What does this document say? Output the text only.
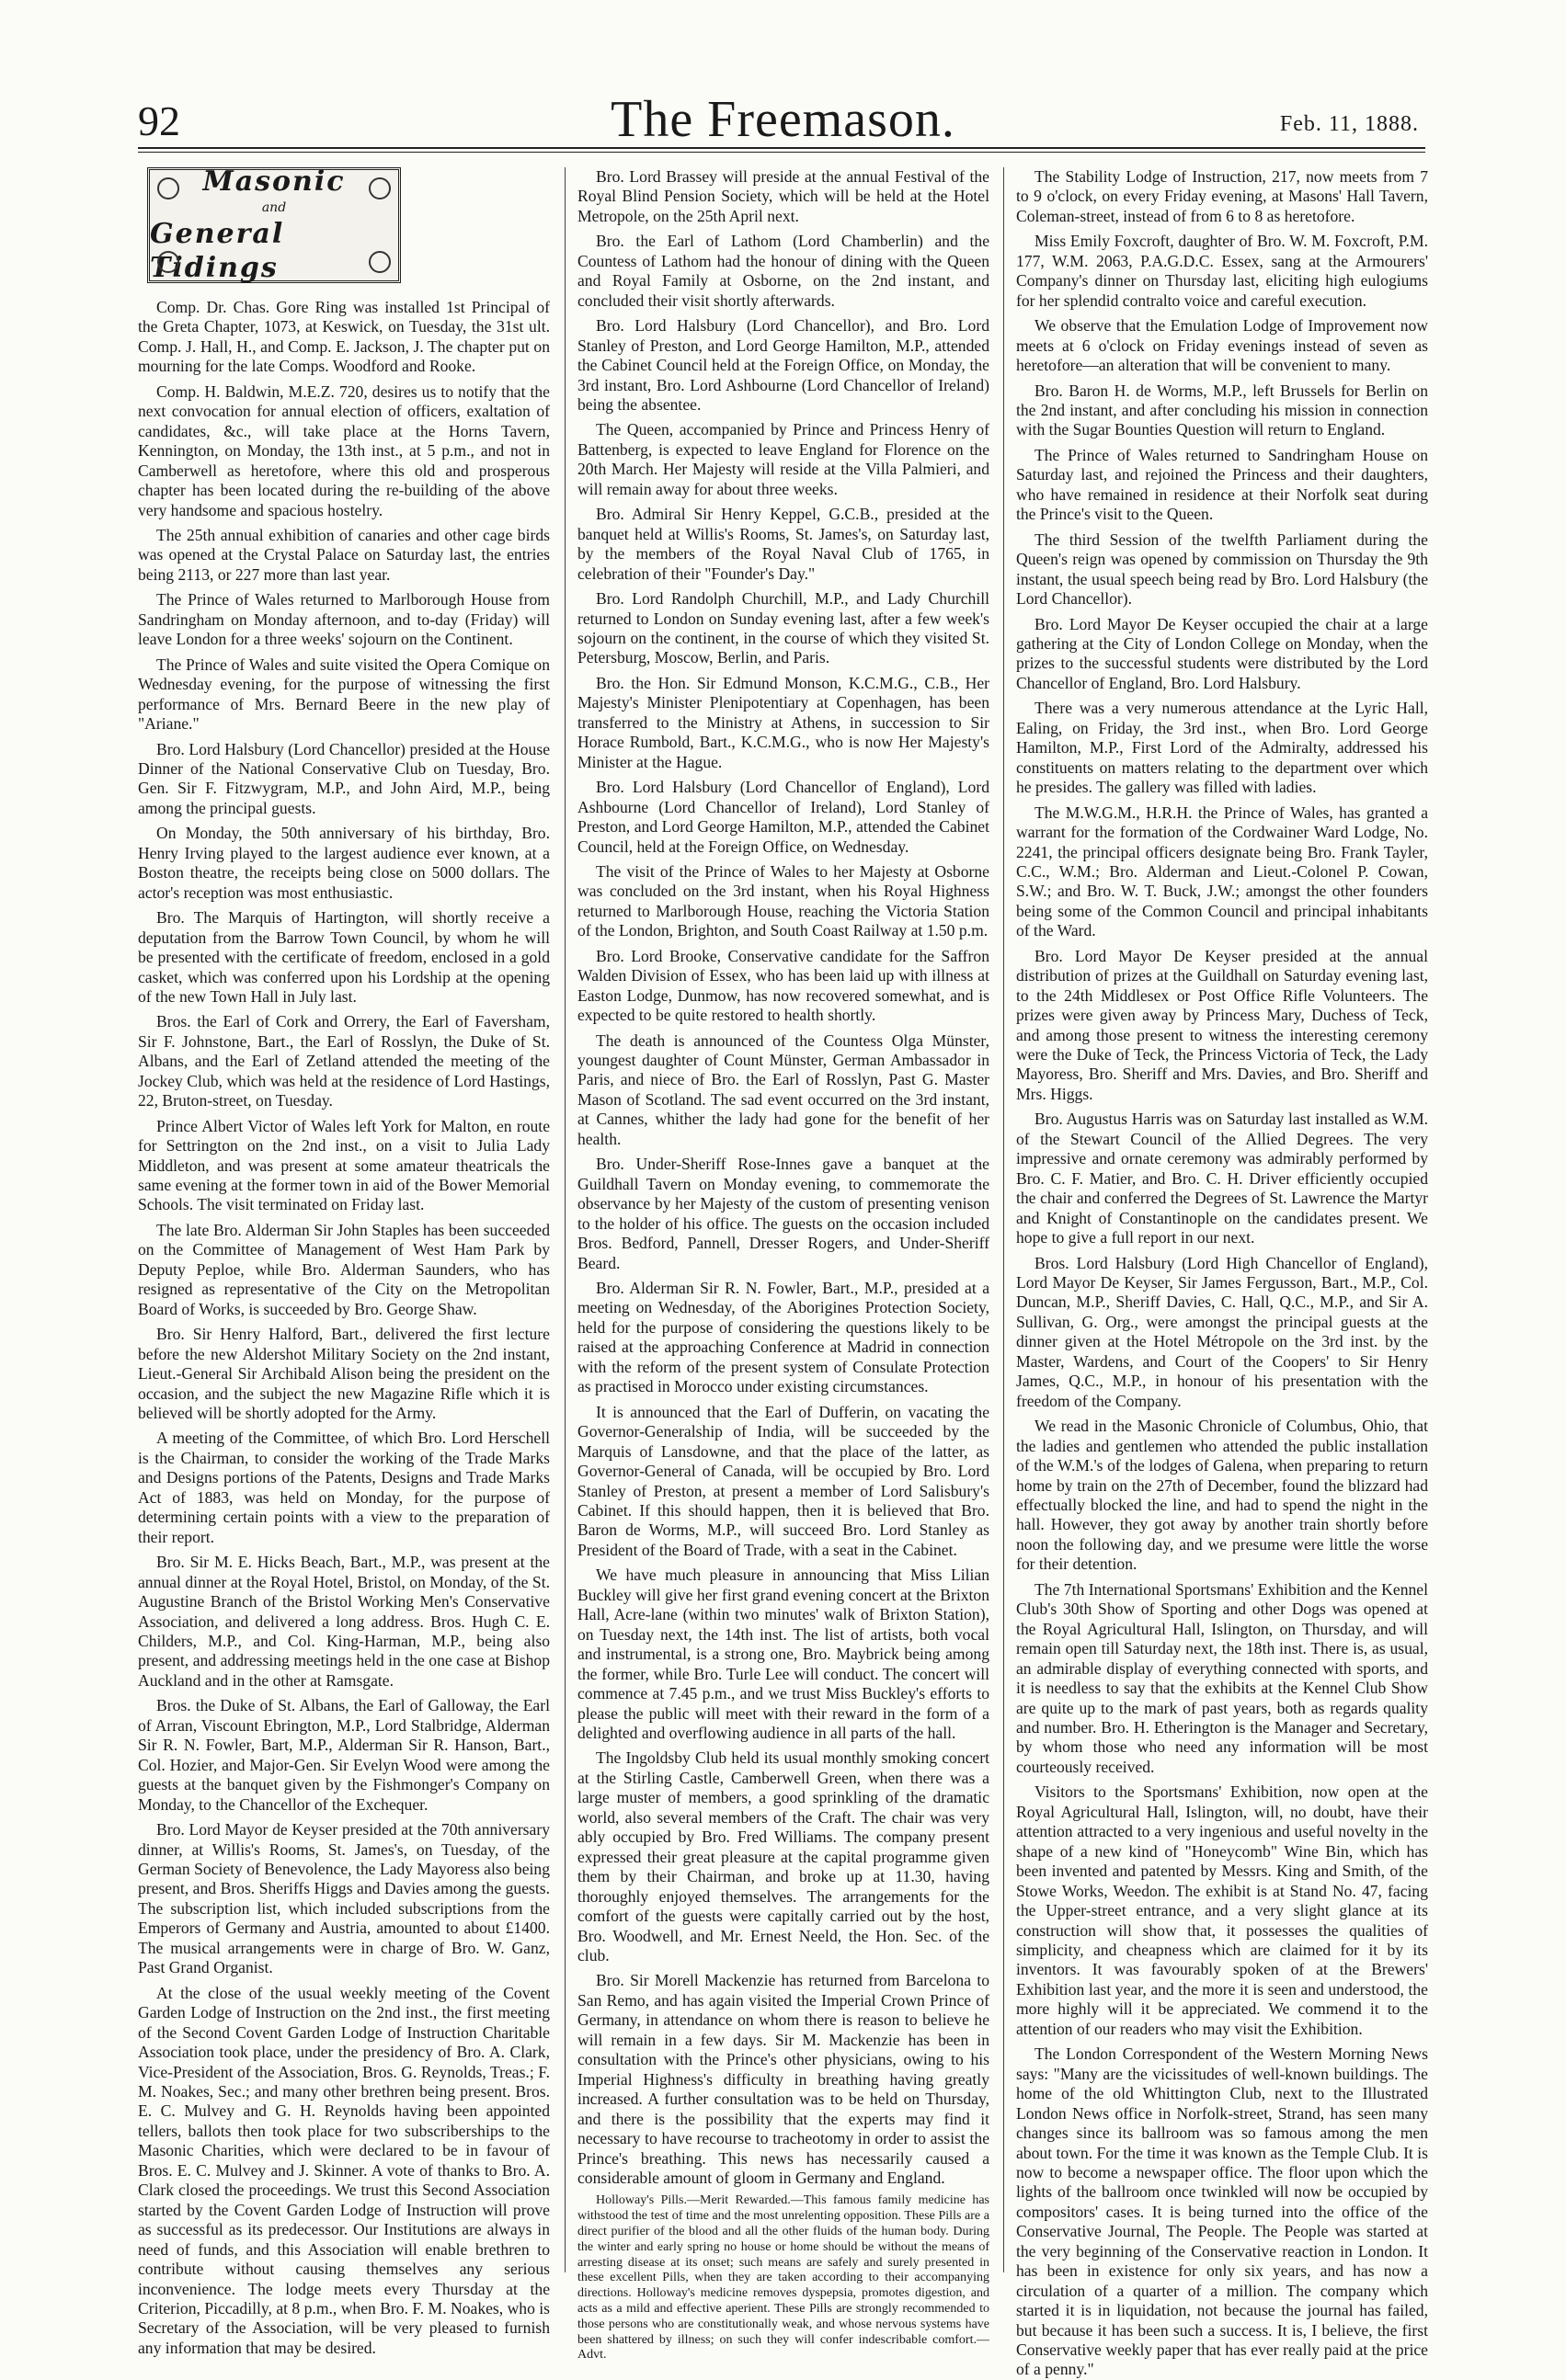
92	The Freemason.	Feb. 11, 1888.
Masonic
and
General Tidings

Comp. Dr. Chas. Gore Ring was installed 1st Principal of the Greta Chapter, 1073, at Keswick, on Tuesday, the 31st ult. Comp. J. Hall, H., and Comp. E. Jackson, J. The chapter put on mourning for the late Comps. Woodford and Rooke.

Comp. H. Baldwin, M.E.Z. 720, desires us to notify that the next convocation for annual election of officers, exaltation of candidates, &c., will take place at the Horns Tavern, Kennington, on Monday, the 13th inst., at 5 p.m., and not in Camberwell as heretofore, where this old and prosperous chapter has been located during the re-building of the above very handsome and spacious hostelry.

The 25th annual exhibition of canaries and other cage birds was opened at the Crystal Palace on Saturday last, the entries being 2113, or 227 more than last year.

The Prince of Wales returned to Marlborough House from Sandringham on Monday afternoon, and to-day (Friday) will leave London for a three weeks' sojourn on the Continent.

The Prince of Wales and suite visited the Opera Comique on Wednesday evening, for the purpose of witnessing the first performance of Mrs. Bernard Beere in the new play of "Ariane."

Bro. Lord Halsbury (Lord Chancellor) presided at the House Dinner of the National Conservative Club on Tuesday, Bro. Gen. Sir F. Fitzwygram, M.P., and John Aird, M.P., being among the principal guests.

On Monday, the 50th anniversary of his birthday, Bro. Henry Irving played to the largest audience ever known, at a Boston theatre, the receipts being close on 5000 dollars. The actor's reception was most enthusiastic.

Bro. The Marquis of Hartington, will shortly receive a deputation from the Barrow Town Council, by whom he will be presented with the certificate of freedom, enclosed in a gold casket, which was conferred upon his Lordship at the opening of the new Town Hall in July last.

Bros. the Earl of Cork and Orrery, the Earl of Faversham, Sir F. Johnstone, Bart., the Earl of Rosslyn, the Duke of St. Albans, and the Earl of Zetland attended the meeting of the Jockey Club, which was held at the residence of Lord Hastings, 22, Bruton-street, on Tuesday.

Prince Albert Victor of Wales left York for Malton, en route for Settrington on the 2nd inst., on a visit to Julia Lady Middleton, and was present at some amateur theatricals the same evening at the former town in aid of the Bower Memorial Schools. The visit terminated on Friday last.

The late Bro. Alderman Sir John Staples has been succeeded on the Committee of Management of West Ham Park by Deputy Peploe, while Bro. Alderman Saunders, who has resigned as representative of the City on the Metropolitan Board of Works, is succeeded by Bro. George Shaw.

Bro. Sir Henry Halford, Bart., delivered the first lecture before the new Aldershot Military Society on the 2nd instant, Lieut.-General Sir Archibald Alison being the president on the occasion, and the subject the new Magazine Rifle which it is believed will be shortly adopted for the Army.

A meeting of the Committee, of which Bro. Lord Herschell is the Chairman, to consider the working of the Trade Marks and Designs portions of the Patents, Designs and Trade Marks Act of 1883, was held on Monday, for the purpose of determining certain points with a view to the preparation of their report.

Bro. Sir M. E. Hicks Beach, Bart., M.P., was present at the annual dinner at the Royal Hotel, Bristol, on Monday, of the St. Augustine Branch of the Bristol Working Men's Conservative Association, and delivered a long address. Bros. Hugh C. E. Childers, M.P., and Col. King-Harman, M.P., being also present, and addressing meetings held in the one case at Bishop Auckland and in the other at Ramsgate.

Bros. the Duke of St. Albans, the Earl of Galloway, the Earl of Arran, Viscount Ebrington, M.P., Lord Stalbridge, Alderman Sir R. N. Fowler, Bart, M.P., Alderman Sir R. Hanson, Bart., Col. Hozier, and Major-Gen. Sir Evelyn Wood were among the guests at the banquet given by the Fishmonger's Company on Monday, to the Chancellor of the Exchequer.

Bro. Lord Mayor de Keyser presided at the 70th anniversary dinner, at Willis's Rooms, St. James's, on Tuesday, of the German Society of Benevolence, the Lady Mayoress also being present, and Bros. Sheriffs Higgs and Davies among the guests. The subscription list, which included subscriptions from the Emperors of Germany and Austria, amounted to about £1400. The musical arrangements were in charge of Bro. W. Ganz, Past Grand Organist.

At the close of the usual weekly meeting of the Covent Garden Lodge of Instruction on the 2nd inst., the first meeting of the Second Covent Garden Lodge of Instruction Charitable Association took place, under the presidency of Bro. A. Clark, Vice-President of the Association, Bros. G. Reynolds, Treas.; F. M. Noakes, Sec.; and many other brethren being present. Bros. E. C. Mulvey and G. H. Reynolds having been appointed tellers, ballots then took place for two subscriberships to the Masonic Charities, which were declared to be in favour of Bros. E. C. Mulvey and J. Skinner. A vote of thanks to Bro. A. Clark closed the proceedings. We trust this Second Association started by the Covent Garden Lodge of Instruction will prove as successful as its predecessor. Our Institutions are always in need of funds, and this Association will enable brethren to contribute without causing themselves any serious inconvenience. The lodge meets every Thursday at the Criterion, Piccadilly, at 8 p.m., when Bro. F. M. Noakes, who is Secretary of the Association, will be very pleased to furnish any information that may be desired.

Bro. Lord Brassey will preside at the annual Festival of the Royal Blind Pension Society, which will be held at the Hotel Metropole, on the 25th April next.

Bro. the Earl of Lathom (Lord Chamberlin) and the Countess of Lathom had the honour of dining with the Queen and Royal Family at Osborne, on the 2nd instant, and concluded their visit shortly afterwards.

Bro. Lord Halsbury (Lord Chancellor), and Bro. Lord Stanley of Preston, and Lord George Hamilton, M.P., attended the Cabinet Council held at the Foreign Office, on Monday, the 3rd instant, Bro. Lord Ashbourne (Lord Chancellor of Ireland) being the absentee.

The Queen, accompanied by Prince and Princess Henry of Battenberg, is expected to leave England for Florence on the 20th March. Her Majesty will reside at the Villa Palmieri, and will remain away for about three weeks.

Bro. Admiral Sir Henry Keppel, G.C.B., presided at the banquet held at Willis's Rooms, St. James's, on Saturday last, by the members of the Royal Naval Club of 1765, in celebration of their "Founder's Day."

Bro. Lord Randolph Churchill, M.P., and Lady Churchill returned to London on Sunday evening last, after a few week's sojourn on the continent, in the course of which they visited St. Petersburg, Moscow, Berlin, and Paris.

Bro. the Hon. Sir Edmund Monson, K.C.M.G., C.B., Her Majesty's Minister Plenipotentiary at Copenhagen, has been transferred to the Ministry at Athens, in succession to Sir Horace Rumbold, Bart., K.C.M.G., who is now Her Majesty's Minister at the Hague.

Bro. Lord Halsbury (Lord Chancellor of England), Lord Ashbourne (Lord Chancellor of Ireland), Lord Stanley of Preston, and Lord George Hamilton, M.P., attended the Cabinet Council, held at the Foreign Office, on Wednesday.

The visit of the Prince of Wales to her Majesty at Osborne was concluded on the 3rd instant, when his Royal Highness returned to Marlborough House, reaching the Victoria Station of the London, Brighton, and South Coast Railway at 1.50 p.m.

Bro. Lord Brooke, Conservative candidate for the Saffron Walden Division of Essex, who has been laid up with illness at Easton Lodge, Dunmow, has now recovered somewhat, and is expected to be quite restored to health shortly.

The death is announced of the Countess Olga Münster, youngest daughter of Count Münster, German Ambassador in Paris, and niece of Bro. the Earl of Rosslyn, Past G. Master Mason of Scotland. The sad event occurred on the 3rd instant, at Cannes, whither the lady had gone for the benefit of her health.

Bro. Under-Sheriff Rose-Innes gave a banquet at the Guildhall Tavern on Monday evening, to commemorate the observance by her Majesty of the custom of presenting venison to the holder of his office. The guests on the occasion included Bros. Bedford, Pannell, Dresser Rogers, and Under-Sheriff Beard.

Bro. Alderman Sir R. N. Fowler, Bart., M.P., presided at a meeting on Wednesday, of the Aborigines Protection Society, held for the purpose of considering the questions likely to be raised at the approaching Conference at Madrid in connection with the reform of the present system of Consulate Protection as practised in Morocco under existing circumstances.

It is announced that the Earl of Dufferin, on vacating the Governor-Generalship of India, will be succeeded by the Marquis of Lansdowne, and that the place of the latter, as Governor-General of Canada, will be occupied by Bro. Lord Stanley of Preston, at present a member of Lord Salisbury's Cabinet. If this should happen, then it is believed that Bro. Baron de Worms, M.P., will succeed Bro. Lord Stanley as President of the Board of Trade, with a seat in the Cabinet.

We have much pleasure in announcing that Miss Lilian Buckley will give her first grand evening concert at the Brixton Hall, Acre-lane (within two minutes' walk of Brixton Station), on Tuesday next, the 14th inst. The list of artists, both vocal and instrumental, is a strong one, Bro. Maybrick being among the former, while Bro. Turle Lee will conduct. The concert will commence at 7.45 p.m., and we trust Miss Buckley's efforts to please the public will meet with their reward in the form of a delighted and overflowing audience in all parts of the hall.

The Ingoldsby Club held its usual monthly smoking concert at the Stirling Castle, Camberwell Green, when there was a large muster of members, a good sprinkling of the dramatic world, also several members of the Craft. The chair was very ably occupied by Bro. Fred Williams. The company present expressed their great pleasure at the capital programme given them by their Chairman, and broke up at 11.30, having thoroughly enjoyed themselves. The arrangements for the comfort of the guests were capitally carried out by the host, Bro. Woodwell, and Mr. Ernest Neeld, the Hon. Sec. of the club.

Bro. Sir Morell Mackenzie has returned from Barcelona to San Remo, and has again visited the Imperial Crown Prince of Germany, in attendance on whom there is reason to believe he will remain in a few days. Sir M. Mackenzie has been in consultation with the Prince's other physicians, owing to his Imperial Highness's difficulty in breathing having greatly increased. A further consultation was to be held on Thursday, and there is the possibility that the experts may find it necessary to have recourse to tracheotomy in order to assist the Prince's breathing. This news has necessarily caused a considerable amount of gloom in Germany and England.

Holloway's Pills.—Merit Rewarded.—This famous family medicine has withstood the test of time and the most unrelenting opposition. These Pills are a direct purifier of the blood and all the other fluids of the human body. During the winter and early spring no house or home should be without the means of arresting disease at its onset; such means are safely and surely presented in these excellent Pills, when they are taken according to their accompanying directions. Holloway's medicine removes dyspepsia, promotes digestion, and acts as a mild and effective aperient. These Pills are strongly recommended to those persons who are constitutionally weak, and whose nervous systems have been shattered by illness; on such they will confer indescribable comfort.—Advt.

The Stability Lodge of Instruction, 217, now meets from 7 to 9 o'clock, on every Friday evening, at Masons' Hall Tavern, Coleman-street, instead of from 6 to 8 as heretofore.

Miss Emily Foxcroft, daughter of Bro. W. M. Foxcroft, P.M. 177, W.M. 2063, P.A.G.D.C. Essex, sang at the Armourers' Company's dinner on Thursday last, eliciting high eulogiums for her splendid contralto voice and careful execution.

We observe that the Emulation Lodge of Improvement now meets at 6 o'clock on Friday evenings instead of seven as heretofore—an alteration that will be convenient to many.

Bro. Baron H. de Worms, M.P., left Brussels for Berlin on the 2nd instant, and after concluding his mission in connection with the Sugar Bounties Question will return to England.

The Prince of Wales returned to Sandringham House on Saturday last, and rejoined the Princess and their daughters, who have remained in residence at their Norfolk seat during the Prince's visit to the Queen.

The third Session of the twelfth Parliament during the Queen's reign was opened by commission on Thursday the 9th instant, the usual speech being read by Bro. Lord Halsbury (the Lord Chancellor).

Bro. Lord Mayor De Keyser occupied the chair at a large gathering at the City of London College on Monday, when the prizes to the successful students were distributed by the Lord Chancellor of England, Bro. Lord Halsbury.

There was a very numerous attendance at the Lyric Hall, Ealing, on Friday, the 3rd inst., when Bro. Lord George Hamilton, M.P., First Lord of the Admiralty, addressed his constituents on matters relating to the department over which he presides. The gallery was filled with ladies.

The M.W.G.M., H.R.H. the Prince of Wales, has granted a warrant for the formation of the Cordwainer Ward Lodge, No. 2241, the principal officers designate being Bro. Frank Tayler, C.C., W.M.; Bro. Alderman and Lieut.-Colonel P. Cowan, S.W.; and Bro. W. T. Buck, J.W.; amongst the other founders being some of the Common Council and principal inhabitants of the Ward.

Bro. Lord Mayor De Keyser presided at the annual distribution of prizes at the Guildhall on Saturday evening last, to the 24th Middlesex or Post Office Rifle Volunteers. The prizes were given away by Princess Mary, Duchess of Teck, and among those present to witness the interesting ceremony were the Duke of Teck, the Princess Victoria of Teck, the Lady Mayoress, Bro. Sheriff and Mrs. Davies, and Bro. Sheriff and Mrs. Higgs.

Bro. Augustus Harris was on Saturday last installed as W.M. of the Stewart Council of the Allied Degrees. The very impressive and ornate ceremony was admirably performed by Bro. C. F. Matier, and Bro. C. H. Driver efficiently occupied the chair and conferred the Degrees of St. Lawrence the Martyr and Knight of Constantinople on the candidates present. We hope to give a full report in our next.

Bros. Lord Halsbury (Lord High Chancellor of England), Lord Mayor De Keyser, Sir James Fergusson, Bart., M.P., Col. Duncan, M.P., Sheriff Davies, C. Hall, Q.C., M.P., and Sir A. Sullivan, G. Org., were amongst the principal guests at the dinner given at the Hotel Métropole on the 3rd inst. by the Master, Wardens, and Court of the Coopers' to Sir Henry James, Q.C., M.P., in honour of his presentation with the freedom of the Company.

We read in the Masonic Chronicle of Columbus, Ohio, that the ladies and gentlemen who attended the public installation of the W.M.'s of the lodges of Galena, when preparing to return home by train on the 27th of December, found the blizzard had effectually blocked the line, and had to spend the night in the hall. However, they got away by another train shortly before noon the following day, and we presume were little the worse for their detention.

The 7th International Sportsmans' Exhibition and the Kennel Club's 30th Show of Sporting and other Dogs was opened at the Royal Agricultural Hall, Islington, on Thursday, and will remain open till Saturday next, the 18th inst. There is, as usual, an admirable display of everything connected with sports, and it is needless to say that the exhibits at the Kennel Club Show are quite up to the mark of past years, both as regards quality and number. Bro. H. Etherington is the Manager and Secretary, by whom those who need any information will be most courteously received.

Visitors to the Sportsmans' Exhibition, now open at the Royal Agricultural Hall, Islington, will, no doubt, have their attention attracted to a very ingenious and useful novelty in the shape of a new kind of "Honeycomb" Wine Bin, which has been invented and patented by Messrs. King and Smith, of the Stowe Works, Weedon. The exhibit is at Stand No. 47, facing the Upper-street entrance, and a very slight glance at its construction will show that, it possesses the qualities of simplicity, and cheapness which are claimed for it by its inventors. It was favourably spoken of at the Brewers' Exhibition last year, and the more it is seen and understood, the more highly will it be appreciated. We commend it to the attention of our readers who may visit the Exhibition.

The London Correspondent of the Western Morning News says: "Many are the vicissitudes of well-known buildings. The home of the old Whittington Club, next to the Illustrated London News office in Norfolk-street, Strand, has seen many changes since its ballroom was so famous among the men about town. For the time it was known as the Temple Club. It is now to become a newspaper office. The floor upon which the lights of the ballroom once twinkled will now be occupied by compositors' cases. It is being turned into the office of the Conservative Journal, The People. The People was started at the very beginning of the Conservative reaction in London. It has been in existence for only six years, and has now a circulation of a quarter of a million. The company which started it is in liquidation, not because the journal has failed, but because it has been such a success. It is, I believe, the first Conservative weekly paper that has ever really paid at the price of a penny."
